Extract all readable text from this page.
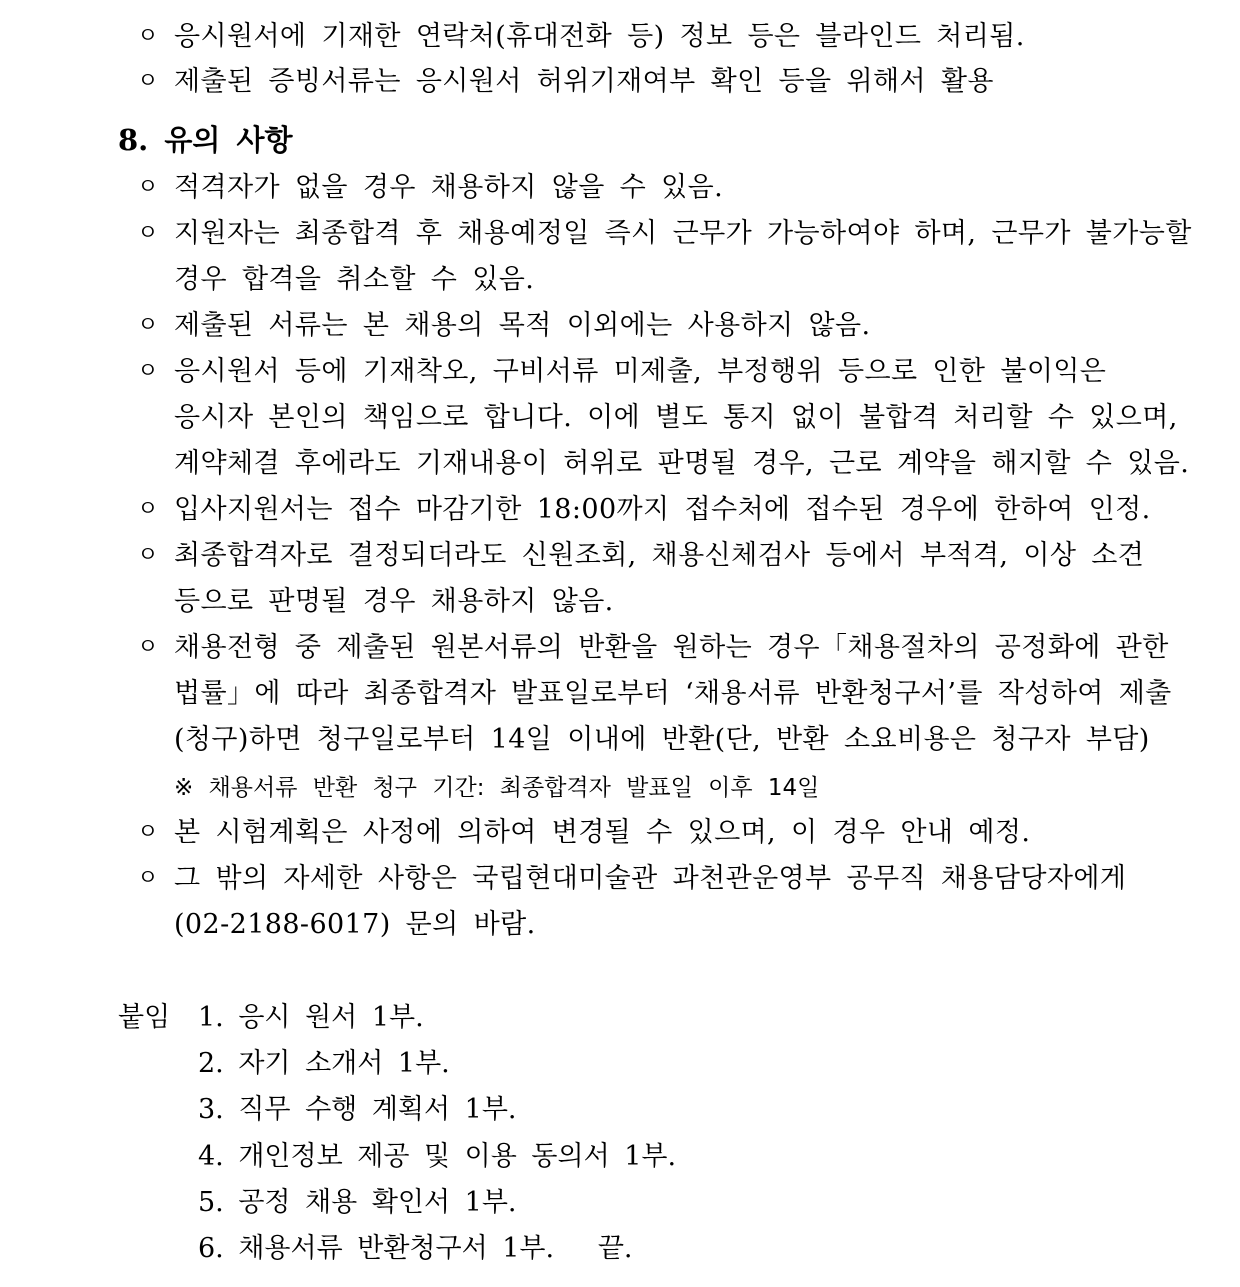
ㅇ 응시원서에 기재한 연락처(휴대전화 등) 정보 등은 블라인드 처리됨.
ㅇ 제출된 증빙서류는 응시원서 허위기재여부 확인 등을 위해서 활용
8. 유의 사항
ㅇ 적격자가 없을 경우 채용하지 않을 수 있음.
ㅇ 지원자는 최종합격 후 채용예정일 즉시 근무가 가능하여야 하며, 근무가 불가능할
경우 합격을 취소할 수 있음.
ㅇ 제출된 서류는 본 채용의 목적 이외에는 사용하지 않음.
ㅇ 응시원서 등에 기재착오, 구비서류 미제출, 부정행위 등으로 인한 불이익은
응시자 본인의 책임으로 합니다. 이에 별도 통지 없이 불합격 처리할 수 있으며,
계약체결 후에라도 기재내용이 허위로 판명될 경우, 근로 계약을 해지할 수 있음.
ㅇ 입사지원서는 접수 마감기한 18:00까지 접수처에 접수된 경우에 한하여 인정.
ㅇ 최종합격자로 결정되더라도 신원조회, 채용신체검사 등에서 부적격, 이상 소견
등으로 판명될 경우 채용하지 않음.
ㅇ 채용전형 중 제출된 원본서류의 반환을 원하는 경우「채용절차의 공정화에 관한
법률」에 따라 최종합격자 발표일로부터 ‘채용서류 반환청구서’를 작성하여 제출
(청구)하면 청구일로부터 14일 이내에 반환(단, 반환 소요비용은 청구자 부담)
※ 채용서류 반환 청구 기간: 최종합격자 발표일 이후 14일
ㅇ 본 시험계획은 사정에 의하여 변경될 수 있으며, 이 경우 안내 예정.
ㅇ 그 밖의 자세한 사항은 국립현대미술관 과천관운영부 공무직 채용담당자에게
(02-2188-6017) 문의 바람.
붙임 1. 응시 원서 1부.
2. 자기 소개서 1부.
3. 직무 수행 계획서 1부.
4. 개인정보 제공 및 이용 동의서 1부.
5. 공정 채용 확인서 1부.
6. 채용서류 반환청구서 1부.   끝.
